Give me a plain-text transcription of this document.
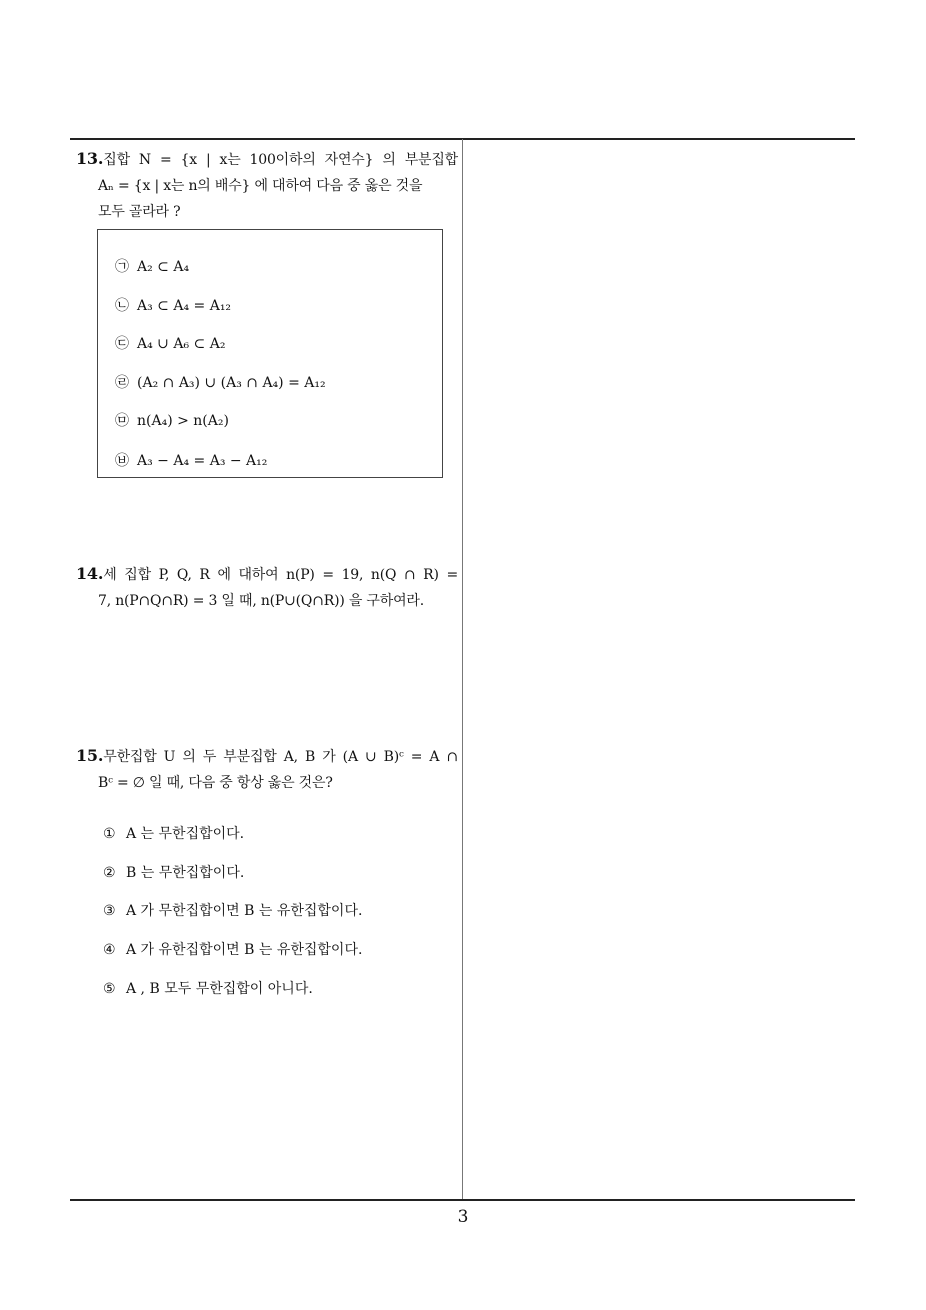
13.집합 N = {x | x는 100이하의 자연수} 의 부분집합
Aₙ = {x | x는 n의 배수} 에 대하여 다음 중 옳은 것을
모두 골라라 ?
㉠ A₂ ⊂ A₄
㉡ A₃ ⊂ A₄ = A₁₂
㉢ A₄ ∪ A₆ ⊂ A₂
㉣ (A₂ ∩ A₃) ∪ (A₃ ∩ A₄) = A₁₂
㉤ n(A₄) > n(A₂)
㉥ A₃ − A₄ = A₃ − A₁₂
14.세 집합 P, Q, R 에 대하여 n(P) = 19, n(Q ∩ R) =
7, n(P∩Q∩R) = 3 일 때, n(P∪(Q∩R)) 을 구하여라.
15.무한집합 U 의 두 부분집합 A, B 가 (A ∪ B)ᶜ = A ∩
Bᶜ = ∅ 일 때, 다음 중 항상 옳은 것은?
① A 는 무한집합이다.
② B 는 무한집합이다.
③ A 가 무한집합이면 B 는 유한집합이다.
④ A 가 유한집합이면 B 는 유한집합이다.
⑤ A , B 모두 무한집합이 아니다.
3
